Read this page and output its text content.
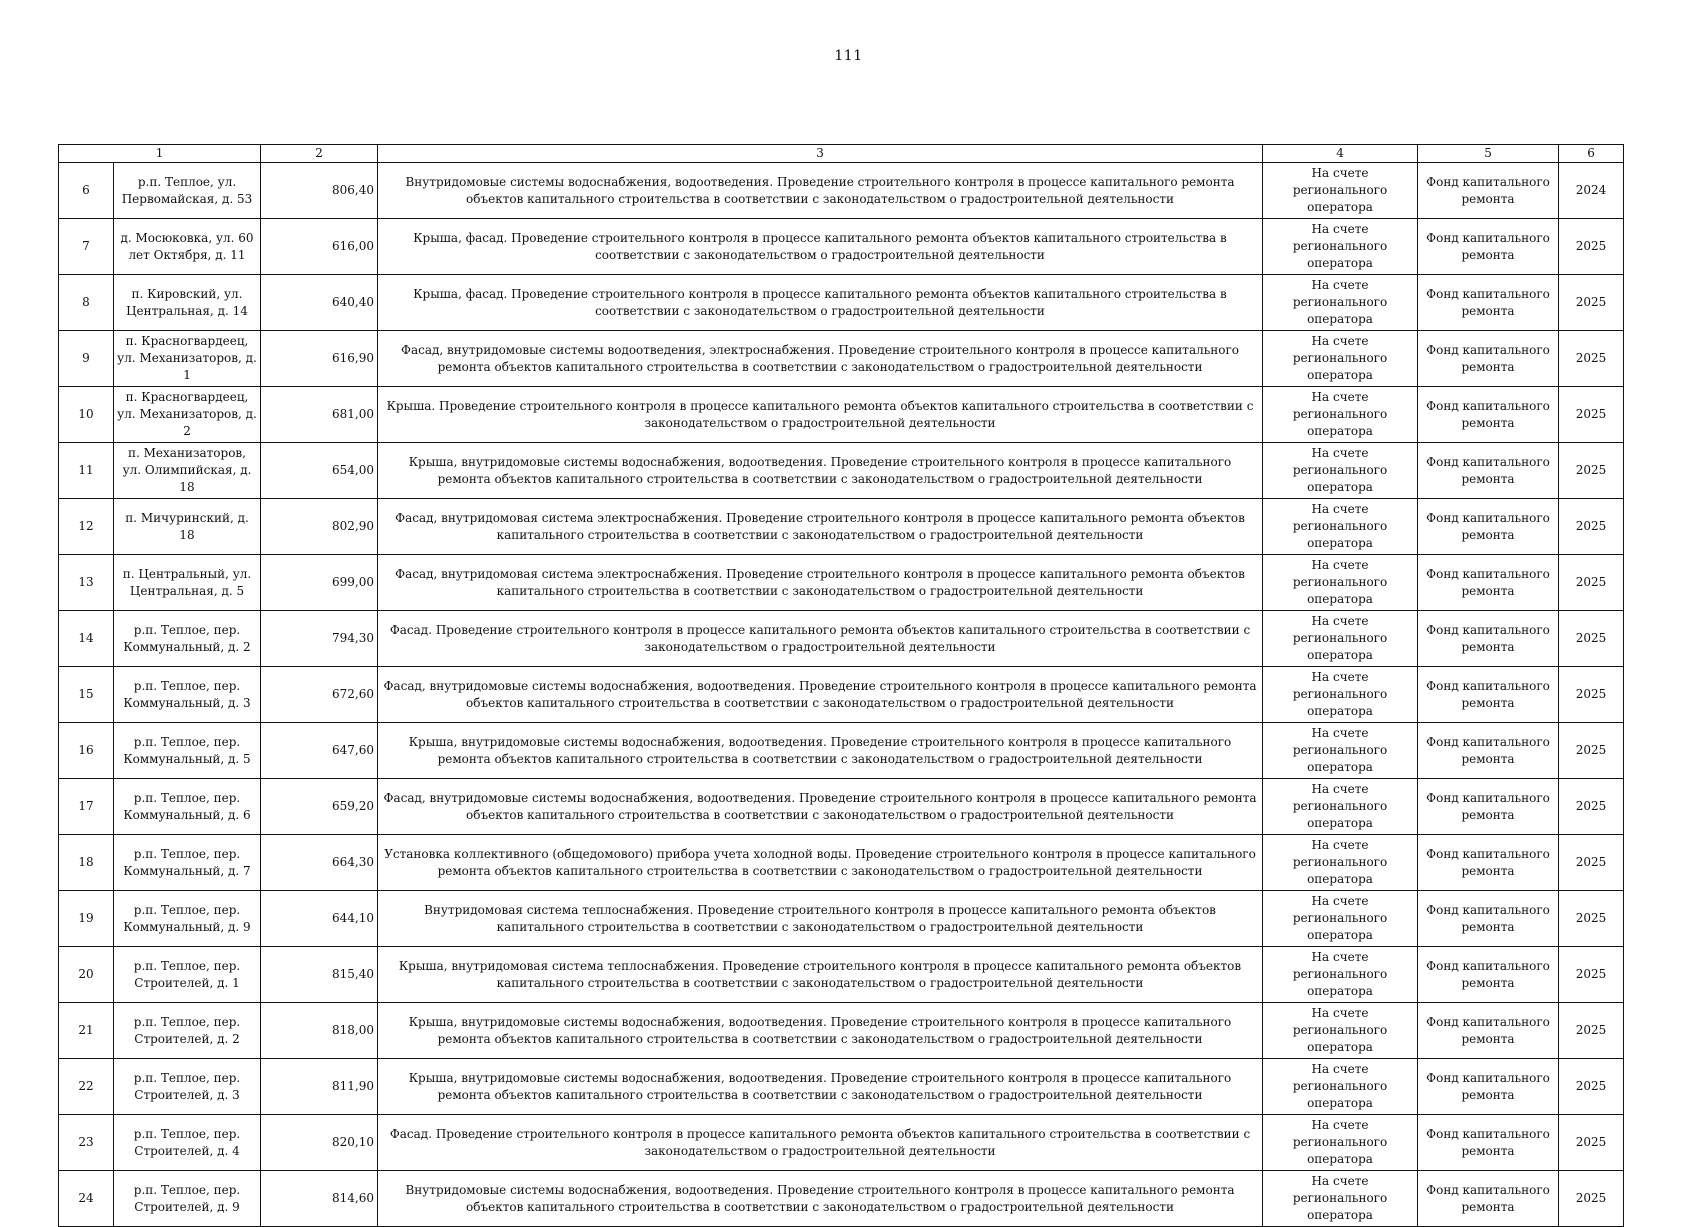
111
1		2	3	4	5	6
6	р.п. Теплое, ул. Первомайская, д. 53	806,40	Внутридомовые системы водоснабжения, водоотведения. Проведение строительного контроля в процессе капитального ремонта объектов капитального строительства в соответствии с законодательством о градостроительной деятельности	На счете регионального оператора	Фонд капитального ремонта	2024
7	д. Мосюковка, ул. 60 лет Октября, д. 11	616,00	Крыша, фасад. Проведение строительного контроля в процессе капитального ремонта объектов капитального строительства в соответствии с законодательством о градостроительной деятельности	На счете регионального оператора	Фонд капитального ремонта	2025
8	п. Кировский, ул. Центральная, д. 14	640,40	Крыша, фасад. Проведение строительного контроля в процессе капитального ремонта объектов капитального строительства в соответствии с законодательством о градостроительной деятельности	На счете регионального оператора	Фонд капитального ремонта	2025
9	п. Красногвардеец, ул. Механизаторов, д. 1	616,90	Фасад, внутридомовые системы водоотведения, электроснабжения. Проведение строительного контроля в процессе капитального ремонта объектов капитального строительства в соответствии с законодательством о градостроительной деятельности	На счете регионального оператора	Фонд капитального ремонта	2025
10	п. Красногвардеец, ул. Механизаторов, д. 2	681,00	Крыша. Проведение строительного контроля в процессе капитального ремонта объектов капитального строительства в соответствии с законодательством о градостроительной деятельности	На счете регионального оператора	Фонд капитального ремонта	2025
11	п. Механизаторов, ул. Олимпийская, д. 18	654,00	Крыша, внутридомовые системы водоснабжения, водоотведения. Проведение строительного контроля в процессе капитального ремонта объектов капитального строительства в соответствии с законодательством о градостроительной деятельности	На счете регионального оператора	Фонд капитального ремонта	2025
12	п. Мичуринский, д. 18	802,90	Фасад, внутридомовая система электроснабжения. Проведение строительного контроля в процессе капитального ремонта объектов капитального строительства в соответствии с законодательством о градостроительной деятельности	На счете регионального оператора	Фонд капитального ремонта	2025
13	п. Центральный, ул. Центральная, д. 5	699,00	Фасад, внутридомовая система электроснабжения. Проведение строительного контроля в процессе капитального ремонта объектов капитального строительства в соответствии с законодательством о градостроительной деятельности	На счете регионального оператора	Фонд капитального ремонта	2025
14	р.п. Теплое, пер. Коммунальный, д. 2	794,30	Фасад. Проведение строительного контроля в процессе капитального ремонта объектов капитального строительства в соответствии с законодательством о градостроительной деятельности	На счете регионального оператора	Фонд капитального ремонта	2025
15	р.п. Теплое, пер. Коммунальный, д. 3	672,60	Фасад, внутридомовые системы водоснабжения, водоотведения. Проведение строительного контроля в процессе капитального ремонта объектов капитального строительства в соответствии с законодательством о градостроительной деятельности	На счете регионального оператора	Фонд капитального ремонта	2025
16	р.п. Теплое, пер. Коммунальный, д. 5	647,60	Крыша, внутридомовые системы водоснабжения, водоотведения. Проведение строительного контроля в процессе капитального ремонта объектов капитального строительства в соответствии с законодательством о градостроительной деятельности	На счете регионального оператора	Фонд капитального ремонта	2025
17	р.п. Теплое, пер. Коммунальный, д. 6	659,20	Фасад, внутридомовые системы водоснабжения, водоотведения. Проведение строительного контроля в процессе капитального ремонта объектов капитального строительства в соответствии с законодательством о градостроительной деятельности	На счете регионального оператора	Фонд капитального ремонта	2025
18	р.п. Теплое, пер. Коммунальный, д. 7	664,30	Установка коллективного (общедомового) прибора учета холодной воды. Проведение строительного контроля в процессе капитального ремонта объектов капитального строительства в соответствии с законодательством о градостроительной деятельности	На счете регионального оператора	Фонд капитального ремонта	2025
19	р.п. Теплое, пер. Коммунальный, д. 9	644,10	Внутридомовая система теплоснабжения. Проведение строительного контроля в процессе капитального ремонта объектов капитального строительства в соответствии с законодательством о градостроительной деятельности	На счете регионального оператора	Фонд капитального ремонта	2025
20	р.п. Теплое, пер. Строителей, д. 1	815,40	Крыша, внутридомовая система теплоснабжения. Проведение строительного контроля в процессе капитального ремонта объектов капитального строительства в соответствии с законодательством о градостроительной деятельности	На счете регионального оператора	Фонд капитального ремонта	2025
21	р.п. Теплое, пер. Строителей, д. 2	818,00	Крыша, внутридомовые системы водоснабжения, водоотведения. Проведение строительного контроля в процессе капитального ремонта объектов капитального строительства в соответствии с законодательством о градостроительной деятельности	На счете регионального оператора	Фонд капитального ремонта	2025
22	р.п. Теплое, пер. Строителей, д. 3	811,90	Крыша, внутридомовые системы водоснабжения, водоотведения. Проведение строительного контроля в процессе капитального ремонта объектов капитального строительства в соответствии с законодательством о градостроительной деятельности	На счете регионального оператора	Фонд капитального ремонта	2025
23	р.п. Теплое, пер. Строителей, д. 4	820,10	Фасад. Проведение строительного контроля в процессе капитального ремонта объектов капитального строительства в соответствии с законодательством о градостроительной деятельности	На счете регионального оператора	Фонд капитального ремонта	2025
24	р.п. Теплое, пер. Строителей, д. 9	814,60	Внутридомовые системы водоснабжения, водоотведения. Проведение строительного контроля в процессе капитального ремонта объектов капитального строительства в соответствии с законодательством о градостроительной деятельности	На счете регионального оператора	Фонд капитального ремонта	2025
